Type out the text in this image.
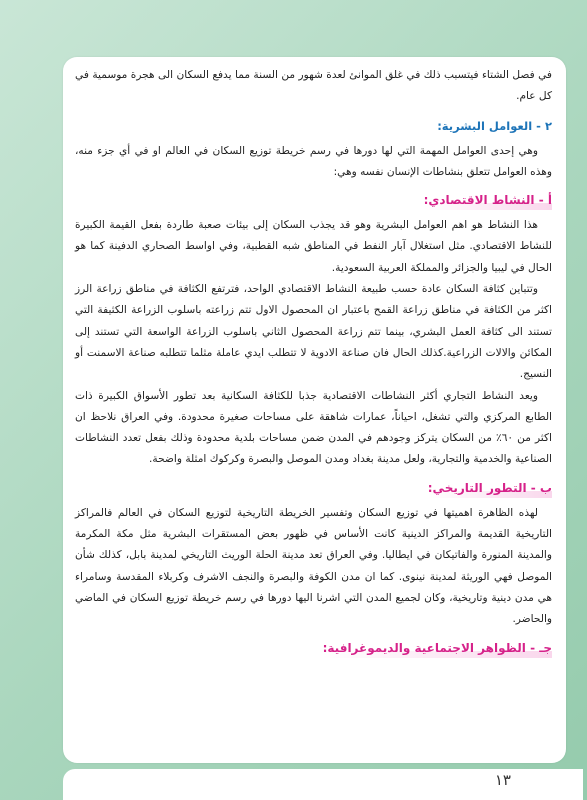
في فصل الشتاء فيتسبب ذلك في غلق الموانئ لعدة شهور من السنة مما يدفع السكان الى هجرة موسمية في كل عام.

٢ - العوامل البشرية:

وهي إحدى العوامل المهمة التي لها دورها في رسم خريطة توزيع السكان في العالم او في أي جزء منه، وهذه العوامل تتعلق بنشاطات الإنسان نفسه وهي:

أ - النشاط الاقتصادي:

هذا النشاط هو اهم العوامل البشرية وهو قد يجذب السكان إلى بيئات صعبة طاردة بفعل القيمة الكبيرة للنشاط الاقتصادي. مثل استغلال آبار النفط في المناطق شبه القطبية، وفي اواسط الصحاري الدفينة كما هو الحال في ليبيا والجزائر والمملكة العربية السعودية.

وتتباين كثافة السكان عادة حسب طبيعة النشاط الاقتصادي الواحد، فترتفع الكثافة في مناطق زراعة الرز اكثر من الكثافة في مناطق زراعة القمح باعتبار ان المحصول الاول تتم زراعته باسلوب الزراعة الكثيفة التي تستند الى كثافة العمل البشري، بينما تتم زراعة المحصول الثاني باسلوب الزراعة الواسعة التي تستند إلى المكائن والالات الزراعية.كذلك الحال فان صناعة الادوية لا تتطلب ايدي عاملة مثلما تتطلبه صناعة الاسمنت أو النسيج.

ويعد النشاط التجاري أكثر النشاطات الاقتصادية جذبا للكثافة السكانية بعد تطور الأسواق الكبيرة ذات الطابع المركزي والتي تشغل، احياناً، عمارات شاهقة على مساحات صغيرة محدودة. وفي العراق نلاحظ ان اكثر من ٦٠٪ من السكان يتركز وجودهم في المدن ضمن مساحات بلدية محدودة وذلك بفعل تعدد النشاطات الصناعية والخدمية والتجارية، ولعل مدينة بغداد ومدن الموصل والبصرة وكركوك امثلة واضحة.

ب - التطور التاريخي:

لهذه الظاهرة اهميتها في توزيع السكان وتفسير الخريطة التاريخية لتوزيع السكان في العالم فالمراكز التاريخية القديمة والمراكز الدينية كانت الأساس في ظهور بعض المستقرات البشرية مثل مكة المكرمة والمدينة المنورة والفاتيكان في ايطاليا. وفي العراق تعد مدينة الحلة الوريث التاريخي لمدينة بابل، كذلك شأن الموصل فهي الوريثة لمدينة نينوى. كما ان مدن الكوفة والبصرة والنجف الاشرف وكربلاء المقدسة وسامراء هي مدن دينية وتاريخية، وكان لجميع المدن التي اشرنا اليها دورها في رسم خريطة توزيع السكان في الماضي والحاضر.

جـ - الظواهر الاجتماعية والديموغرافية:
١٣
